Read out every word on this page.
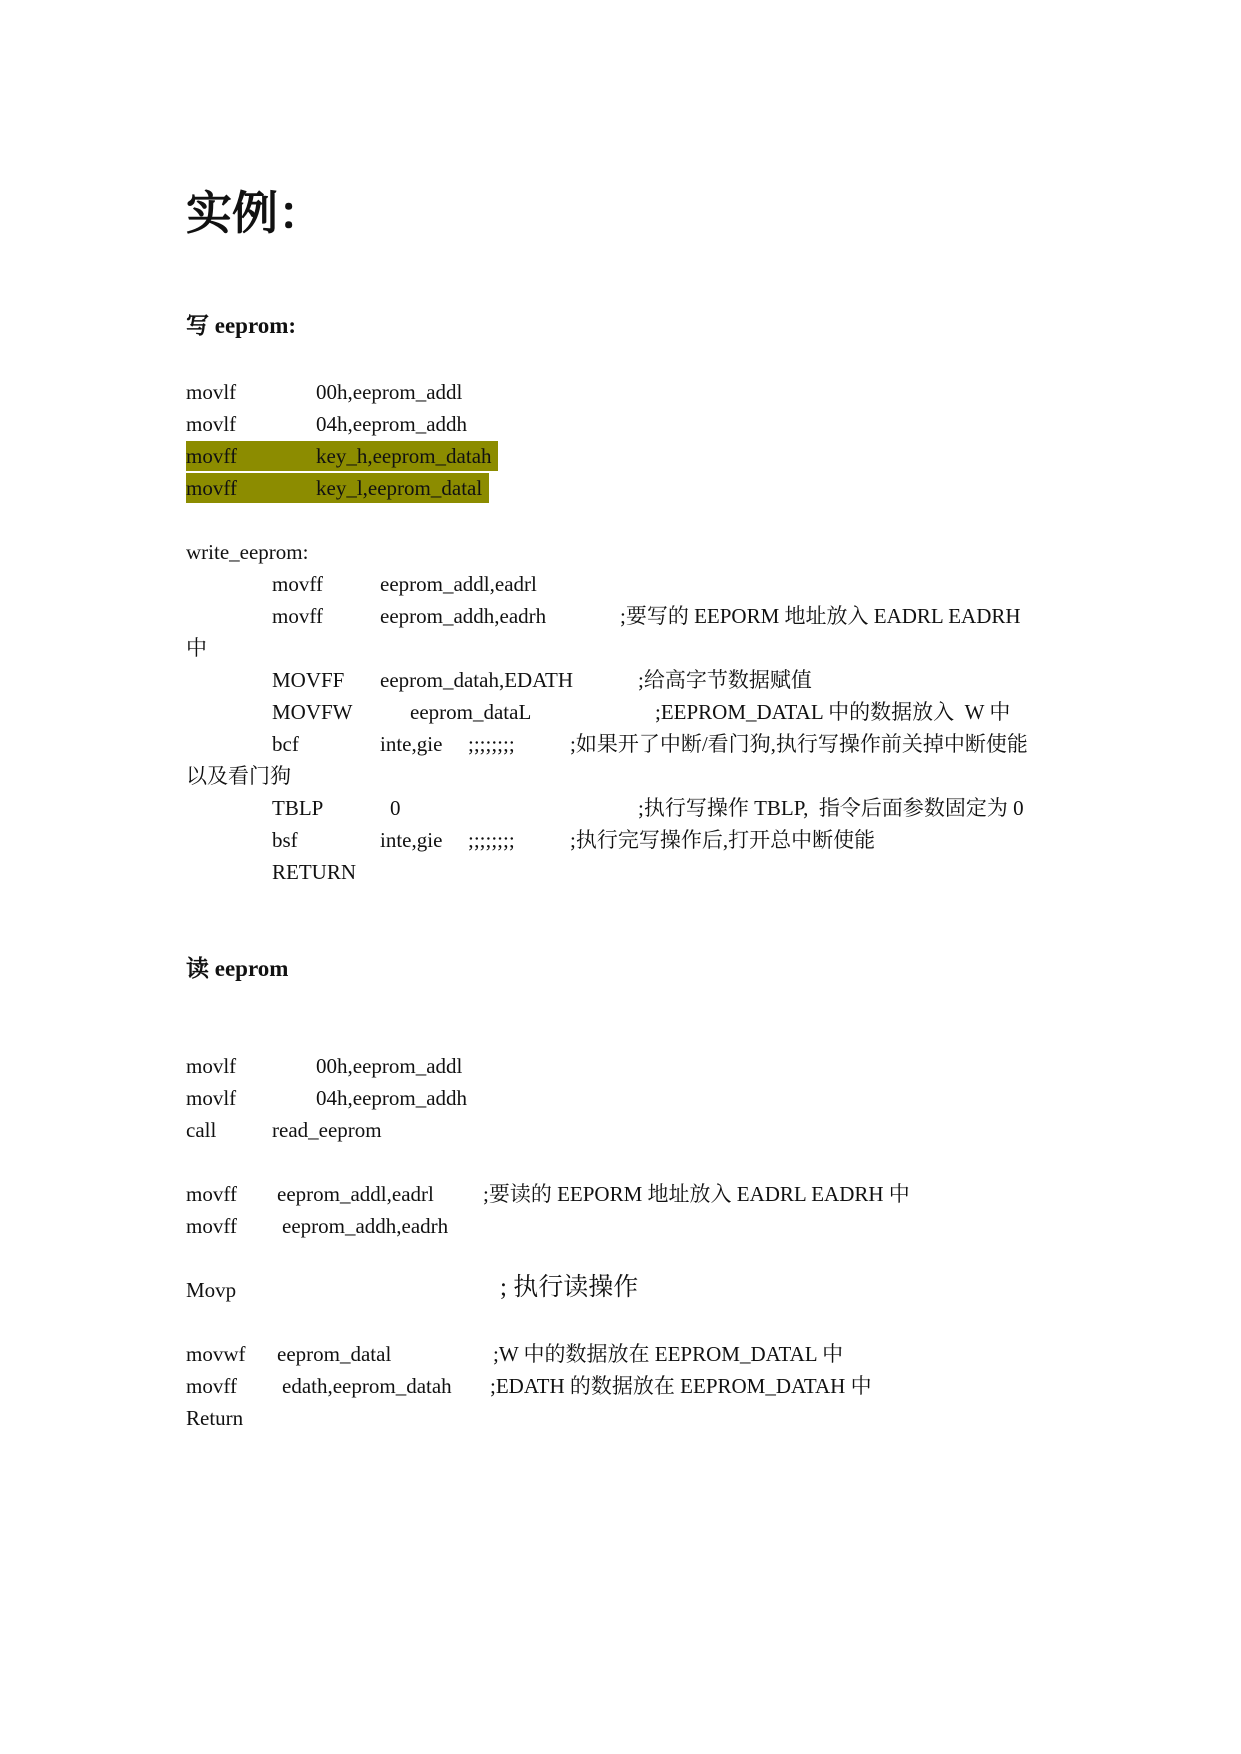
实例：
写 eeprom:
movlf	00h,eeprom_addl
movlf	04h,eeprom_addh
movff	key_h,eeprom_datah
movff	key_l,eeprom_datal
write_eeprom:
movff	eeprom_addl,eadrl
movff	eeprom_addh,eadrh	;要写的 EEPORM 地址放入 EADRL EADRH
中
MOVFF eeprom_datah,EDATH	;给高字节数据赋值
MOVFW	eeprom_dataL	;EEPROM_DATAL 中的数据放入  W 中
bcf	inte,gie ;;;;;;;;	;如果开了中断/看门狗,执行写操作前关掉中断使能
以及看门狗
TBLP	0	;执行写操作 TBLP,  指令后面参数固定为 0
bsf	inte,gie ;;;;;;;;	;执行完写操作后,打开总中断使能
RETURN
读 eeprom
movlf	00h,eeprom_addl
movlf	04h,eeprom_addh
call	read_eeprom
movff eeprom_addl,eadrl ;要读的 EEPORM 地址放入 EADRL EADRH 中
movff eeprom_addh,eadrh
Movp	; 执行读操作
movwf eeprom_datal	;W 中的数据放在 EEPROM_DATAL 中
movff edath,eeprom_datah ;EDATH 的数据放在 EEPROM_DATAH 中
Return
